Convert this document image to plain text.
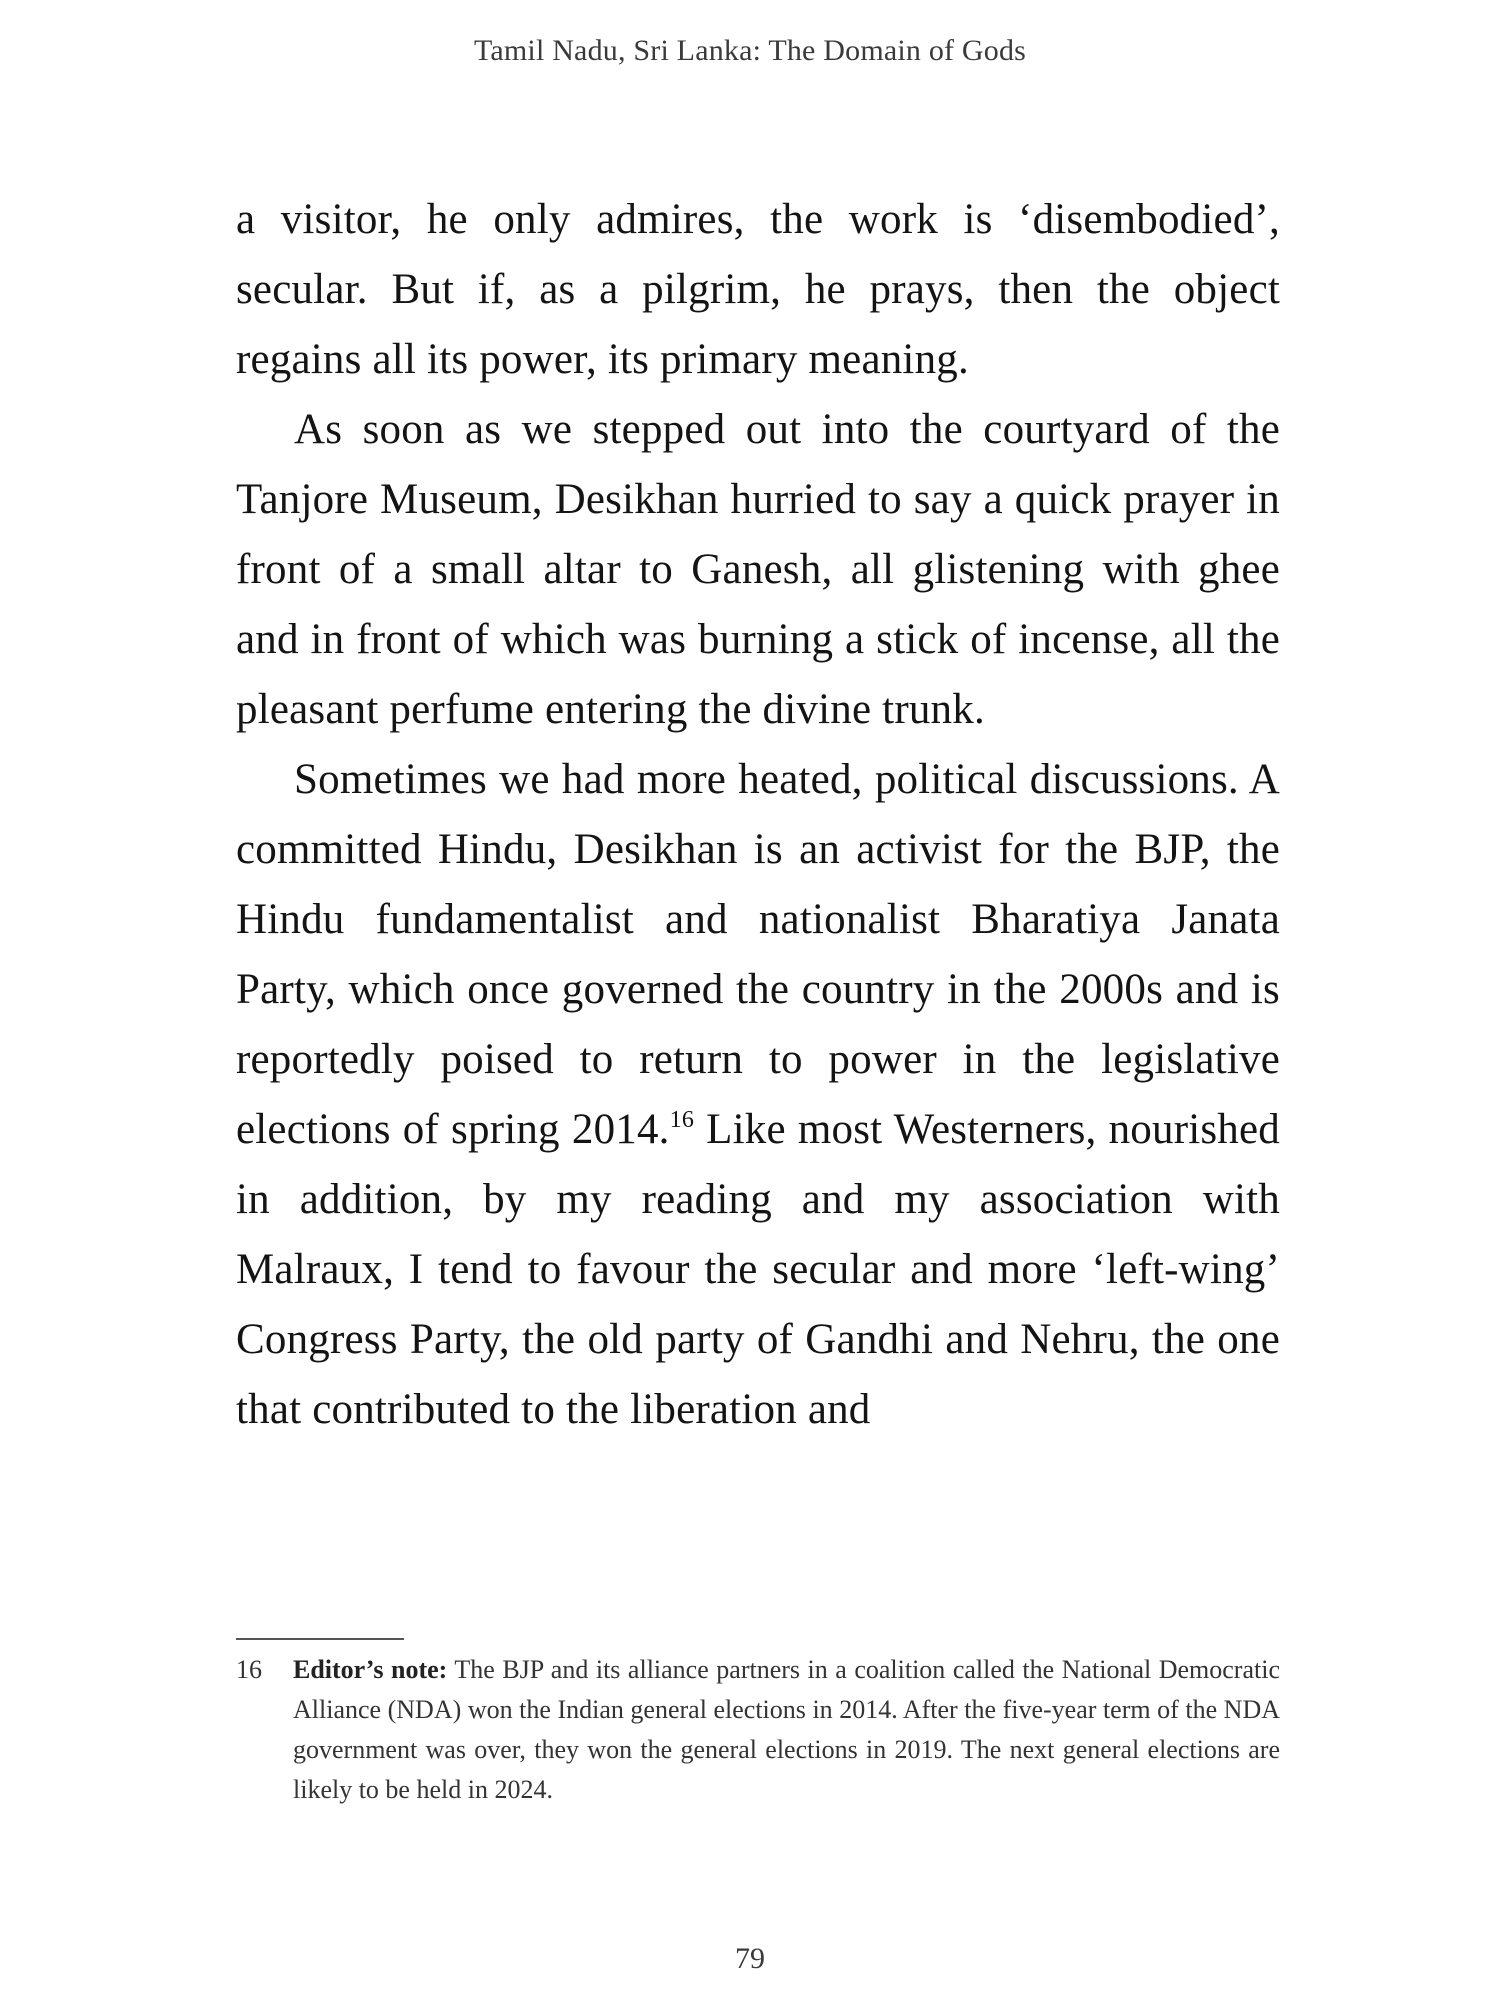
Tamil Nadu, Sri Lanka: The Domain of Gods

a visitor, he only admires, the work is ‘disembodied’, secular. But if, as a pilgrim, he prays, then the object regains all its power, its primary meaning.

As soon as we stepped out into the courtyard of the Tanjore Museum, Desikhan hurried to say a quick prayer in front of a small altar to Ganesh, all glistening with ghee and in front of which was burning a stick of incense, all the pleasant perfume entering the divine trunk.

Sometimes we had more heated, political discussions. A committed Hindu, Desikhan is an activist for the BJP, the Hindu fundamentalist and nationalist Bharatiya Janata Party, which once governed the country in the 2000s and is reportedly poised to return to power in the legislative elections of spring 2014.16 Like most Westerners, nourished in addition, by my reading and my association with Malraux, I tend to favour the secular and more ‘left-wing’ Congress Party, the old party of Gandhi and Nehru, the one that contributed to the liberation and

16 Editor’s note: The BJP and its alliance partners in a coalition called the National Democratic Alliance (NDA) won the Indian general elections in 2014. After the five-year term of the NDA government was over, they won the general elections in 2019. The next general elections are likely to be held in 2024.
79
